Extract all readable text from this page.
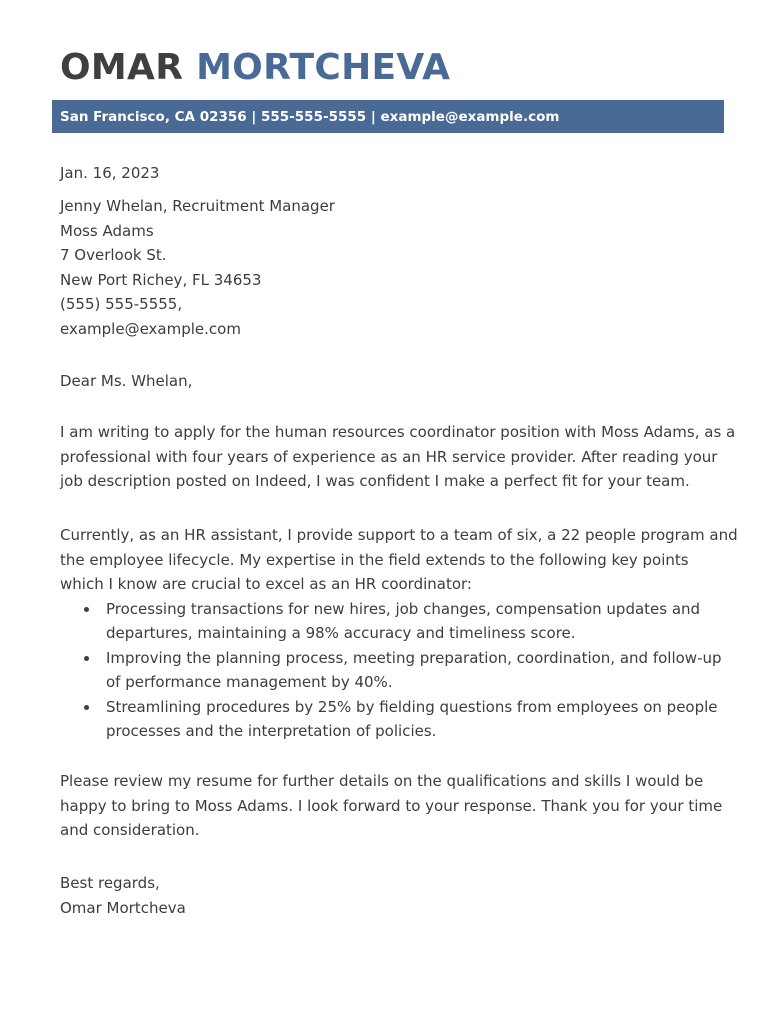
OMAR MORTCHEVA
San Francisco, CA 02356 | 555-555-5555 | example@example.com
Jan. 16, 2023
Jenny Whelan, Recruitment Manager
Moss Adams
7 Overlook St.
New Port Richey, FL 34653
(555) 555-5555,
example@example.com
Dear Ms. Whelan,
I am writing to apply for the human resources coordinator position with Moss Adams, as a
professional with four years of experience as an HR service provider. After reading your
job description posted on Indeed, I was confident I make a perfect fit for your team.
Currently, as an HR assistant, I provide support to a team of six, a 22 people program and
the employee lifecycle. My expertise in the field extends to the following key points
which I know are crucial to excel as an HR coordinator:
Processing transactions for new hires, job changes, compensation updates and
departures, maintaining a 98% accuracy and timeliness score.
Improving the planning process, meeting preparation, coordination, and follow-up
of performance management by 40%.
Streamlining procedures by 25% by fielding questions from employees on people
processes and the interpretation of policies.
Please review my resume for further details on the qualifications and skills I would be
happy to bring to Moss Adams. I look forward to your response. Thank you for your time
and consideration.
Best regards,
Omar Mortcheva
